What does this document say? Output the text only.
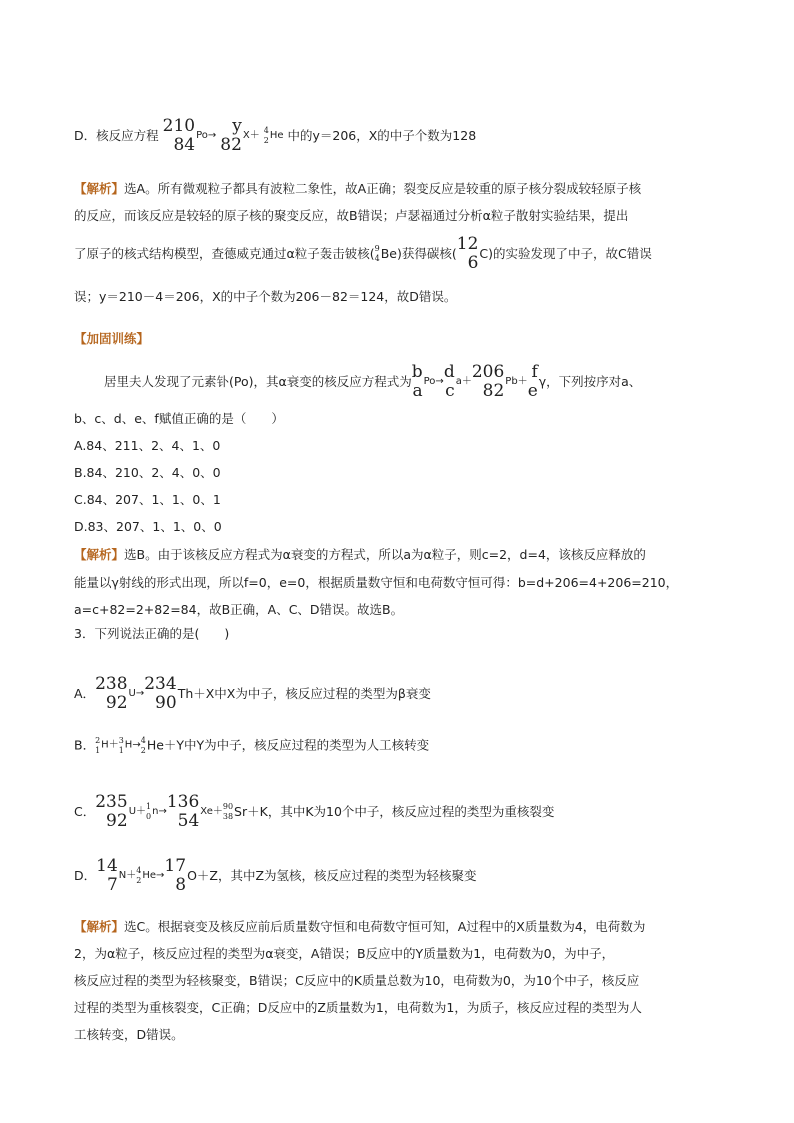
D．核反应方程 210
84 Po→ y
82 X＋ 4
2 He 中的y＝206，X的中子个数为128
【解析】选A。所有微观粒子都具有波粒二象性，故A正确；裂变反应是较重的原子核分裂成较轻原子核
的反应，而该反应是较轻的原子核的聚变反应，故B错误；卢瑟福通过分析α粒子散射实验结果，提出
了原子的核式结构模型，查德威克通过α粒子轰击铍核( 9
4 Be)获得碳核( 12
6 C)的实验发现了中子，故C错误
误；y＝210－4＝206，X的中子个数为206－82＝124，故D错误。
【加固训练】
居里夫人发现了元素钋(Po)，其α衰变的核反应方程式为 b
a Po→ d
c a＋ 206
82 Pb＋ f
e γ，下列按序对a、
b、c、d、e、f赋值正确的是（　　）
A.84、211、2、4、1、0
B.84、210、2、4、0、0
C.84、207、1、1、0、1
D.83、207、1、1、0、0
【解析】选B。由于该核反应方程式为α衰变的方程式，所以a为α粒子，则c=2，d=4，该核反应释放的
能量以γ射线的形式出现，所以f=0，e=0，根据质量数守恒和电荷数守恒可得：b=d+206=4+206=210，
a=c+82=2+82=84，故B正确，A、C、D错误。故选B。
3．下列说法正确的是(　　)
A． 238
92 U→ 234
90 Th＋X中X为中子，核反应过程的类型为β衰变
B． 2
1 H＋ 3
1 H→ 4
2 He＋Y中Y为中子，核反应过程的类型为人工核转变
C． 235
92 U＋ 1
0 n→ 136
54 Xe＋ 90
38 Sr＋K，其中K为10个中子，核反应过程的类型为重核裂变
D． 14
7 N＋ 4
2 He→ 17
8 O＋Z，其中Z为氢核，核反应过程的类型为轻核聚变
【解析】选C。根据衰变及核反应前后质量数守恒和电荷数守恒可知，A过程中的X质量数为4，电荷数为
2，为α粒子，核反应过程的类型为α衰变，A错误；B反应中的Y质量数为1，电荷数为0，为中子，
核反应过程的类型为轻核聚变，B错误；C反应中的K质量总数为10，电荷数为0，为10个中子，核反应
过程的类型为重核裂变，C正确；D反应中的Z质量数为1，电荷数为1，为质子，核反应过程的类型为人
工核转变，D错误。
